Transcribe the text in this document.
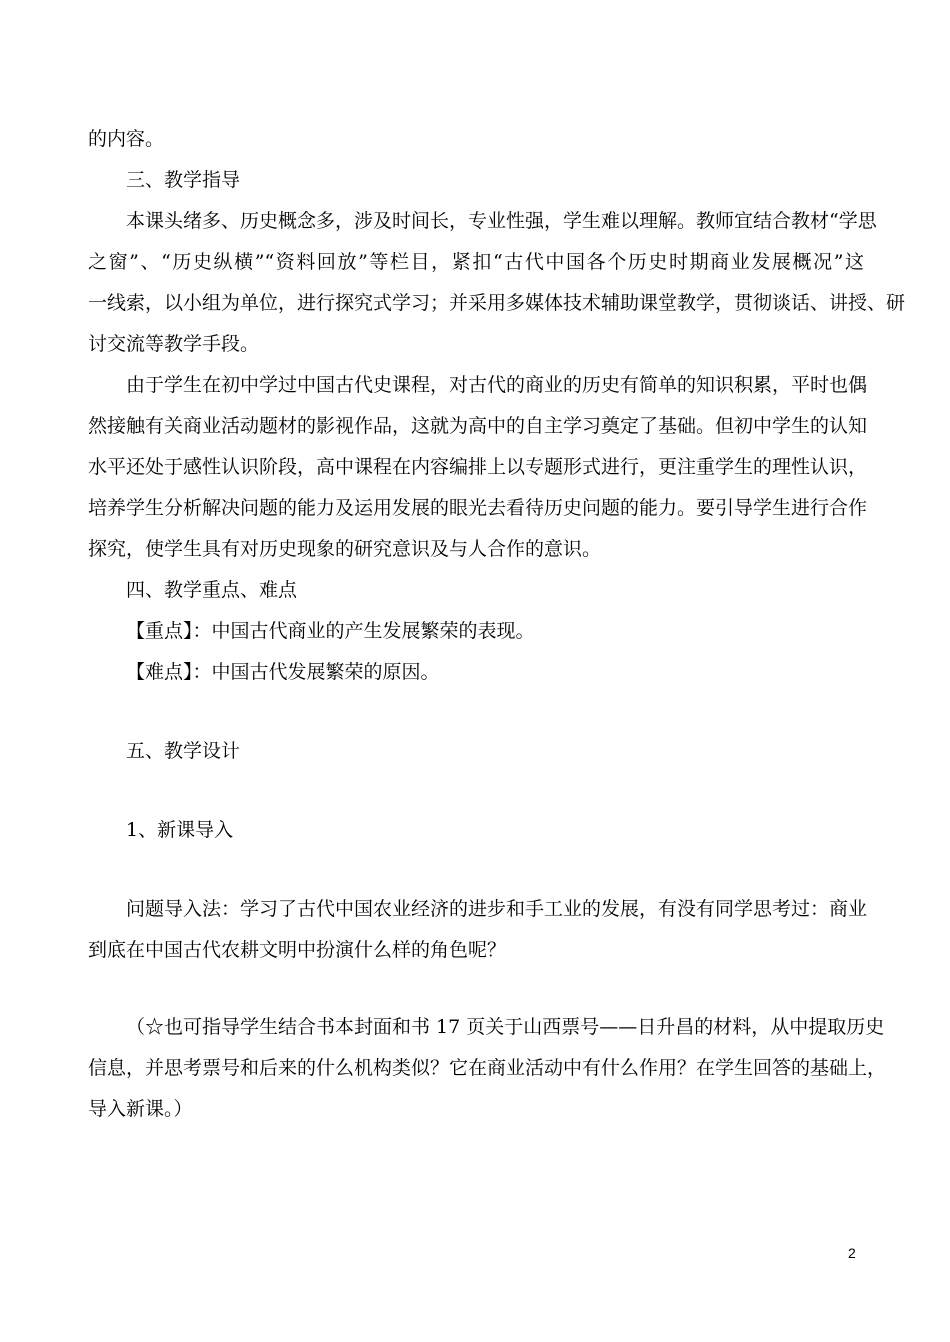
的内容。
三、教学指导
本课头绪多、历史概念多，涉及时间长，专业性强，学生难以理解。教师宜结合教材“学思
之窗”、“历史纵横”“资料回放”等栏目，紧扣“古代中国各个历史时期商业发展概况”这
一线索，以小组为单位，进行探究式学习；并采用多媒体技术辅助课堂教学，贯彻谈话、讲授、研
讨交流等教学手段。
由于学生在初中学过中国古代史课程，对古代的商业的历史有简单的知识积累，平时也偶
然接触有关商业活动题材的影视作品，这就为高中的自主学习奠定了基础。但初中学生的认知
水平还处于感性认识阶段，高中课程在内容编排上以专题形式进行，更注重学生的理性认识，
培养学生分析解决问题的能力及运用发展的眼光去看待历史问题的能力。要引导学生进行合作
探究，使学生具有对历史现象的研究意识及与人合作的意识。
四、教学重点、难点
【重点】：中国古代商业的产生发展繁荣的表现。
【难点】：中国古代发展繁荣的原因。
五、教学设计
1、新课导入
问题导入法：学习了古代中国农业经济的进步和手工业的发展，有没有同学思考过：商业
到底在中国古代农耕文明中扮演什么样的角色呢？
（☆也可指导学生结合书本封面和书 17 页关于山西票号——日升昌的材料，从中提取历史
信息，并思考票号和后来的什么机构类似？它在商业活动中有什么作用？在学生回答的基础上，
导入新课。）
2
